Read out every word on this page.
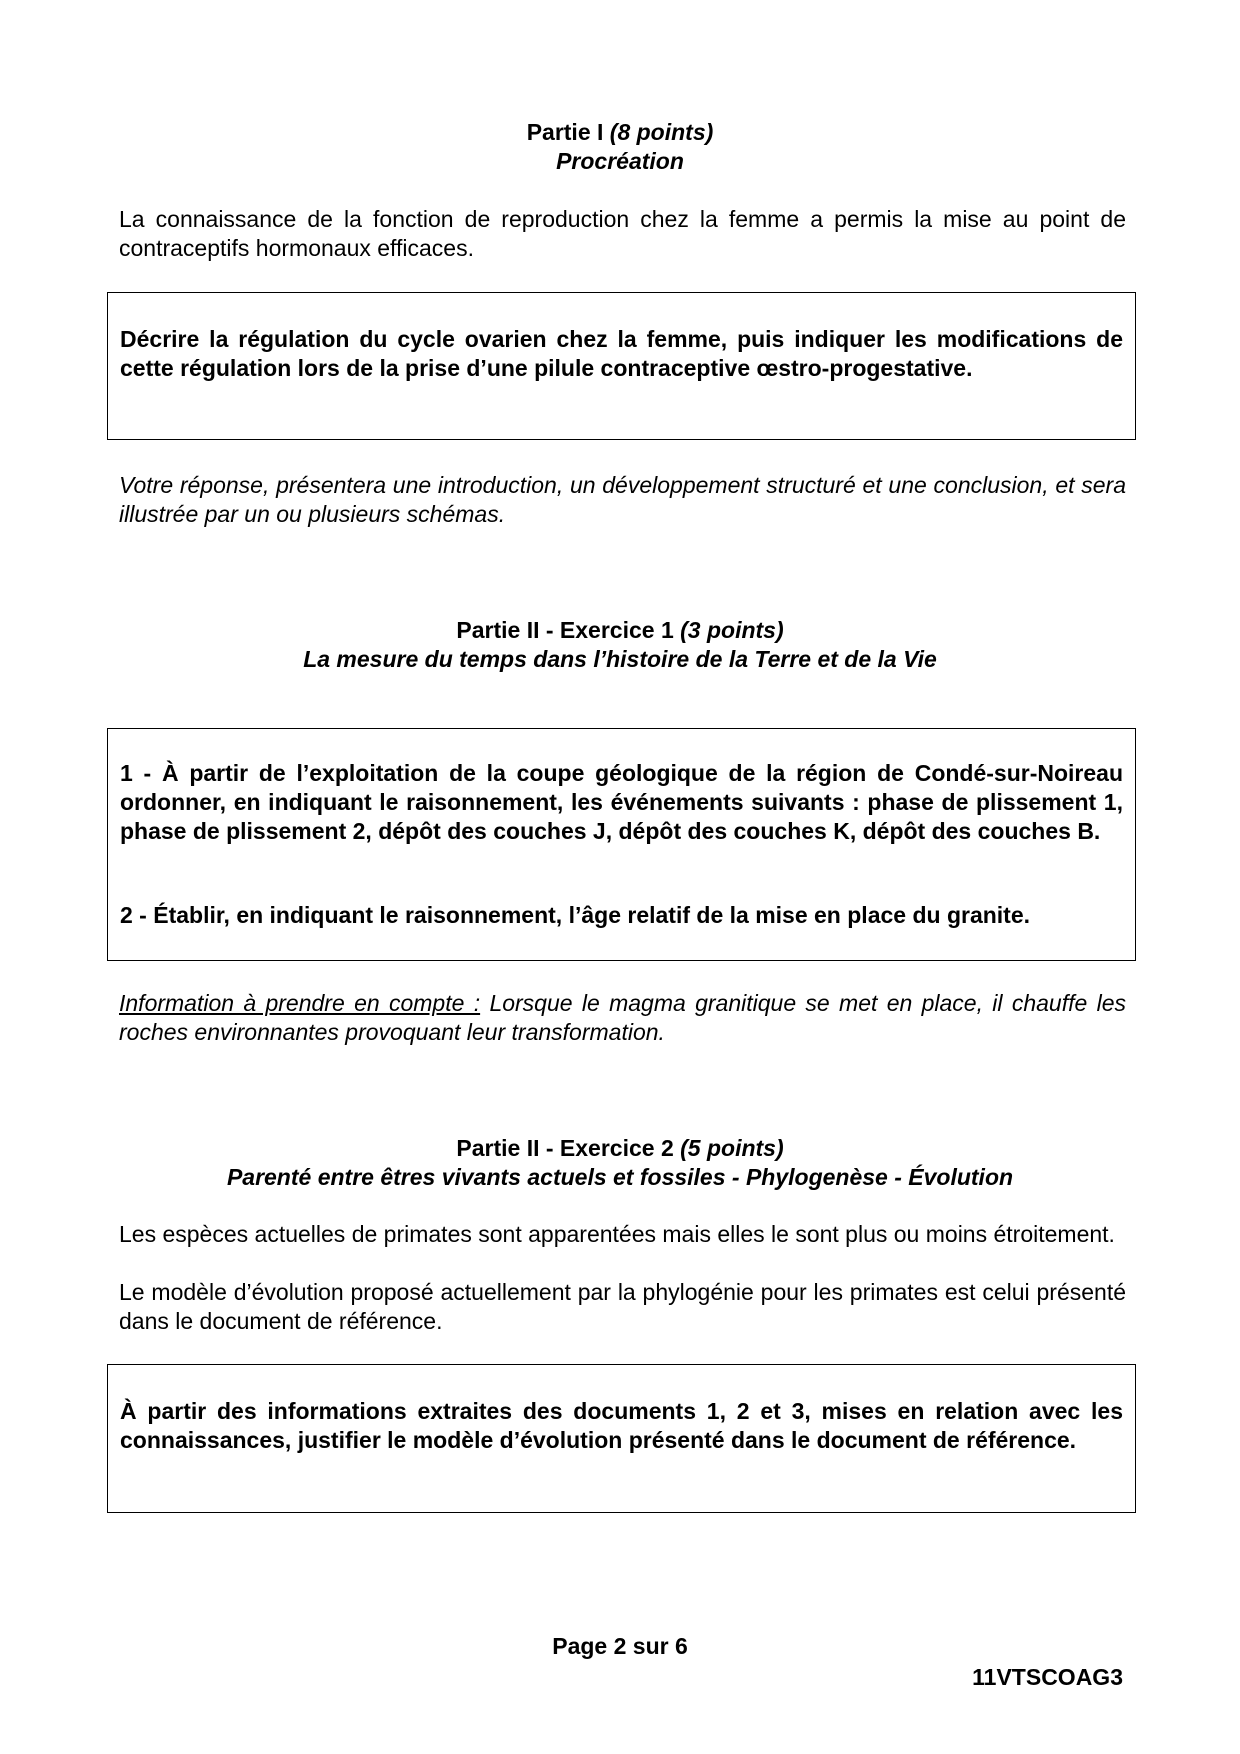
Partie I (8 points)
Procréation
La connaissance de la fonction de reproduction chez la femme a permis la mise au point de contraceptifs hormonaux efficaces.
Décrire la régulation du cycle ovarien chez la femme, puis indiquer les modifications de cette régulation lors de la prise d’une pilule contraceptive œstro-progestative.
Votre réponse, présentera une introduction, un développement structuré et une conclusion, et sera illustrée par un ou plusieurs schémas.
Partie II - Exercice 1 (3 points)
La mesure du temps dans l’histoire de la Terre et de la Vie
1 - À partir de l’exploitation de la coupe géologique de la région de Condé-sur-Noireau ordonner, en indiquant le raisonnement, les événements suivants : phase de plissement 1, phase de plissement 2, dépôt des couches J, dépôt des couches K, dépôt des couches B.
2 - Établir, en indiquant le raisonnement, l’âge relatif de la mise en place du granite.
Information à prendre en compte : Lorsque le magma granitique se met en place, il chauffe les roches environnantes provoquant leur transformation.
Partie II - Exercice 2 (5 points)
Parenté entre êtres vivants actuels et fossiles - Phylogenèse - Évolution
Les espèces actuelles de primates sont apparentées mais elles le sont plus ou moins étroitement.
Le modèle d’évolution proposé actuellement par la phylogénie pour les primates est celui présenté dans le document de référence.
À partir des informations extraites des documents 1, 2 et 3, mises en relation avec les connaissances, justifier le modèle d’évolution présenté dans le document de référence.
Page 2 sur 6
11VTSCOAG3
